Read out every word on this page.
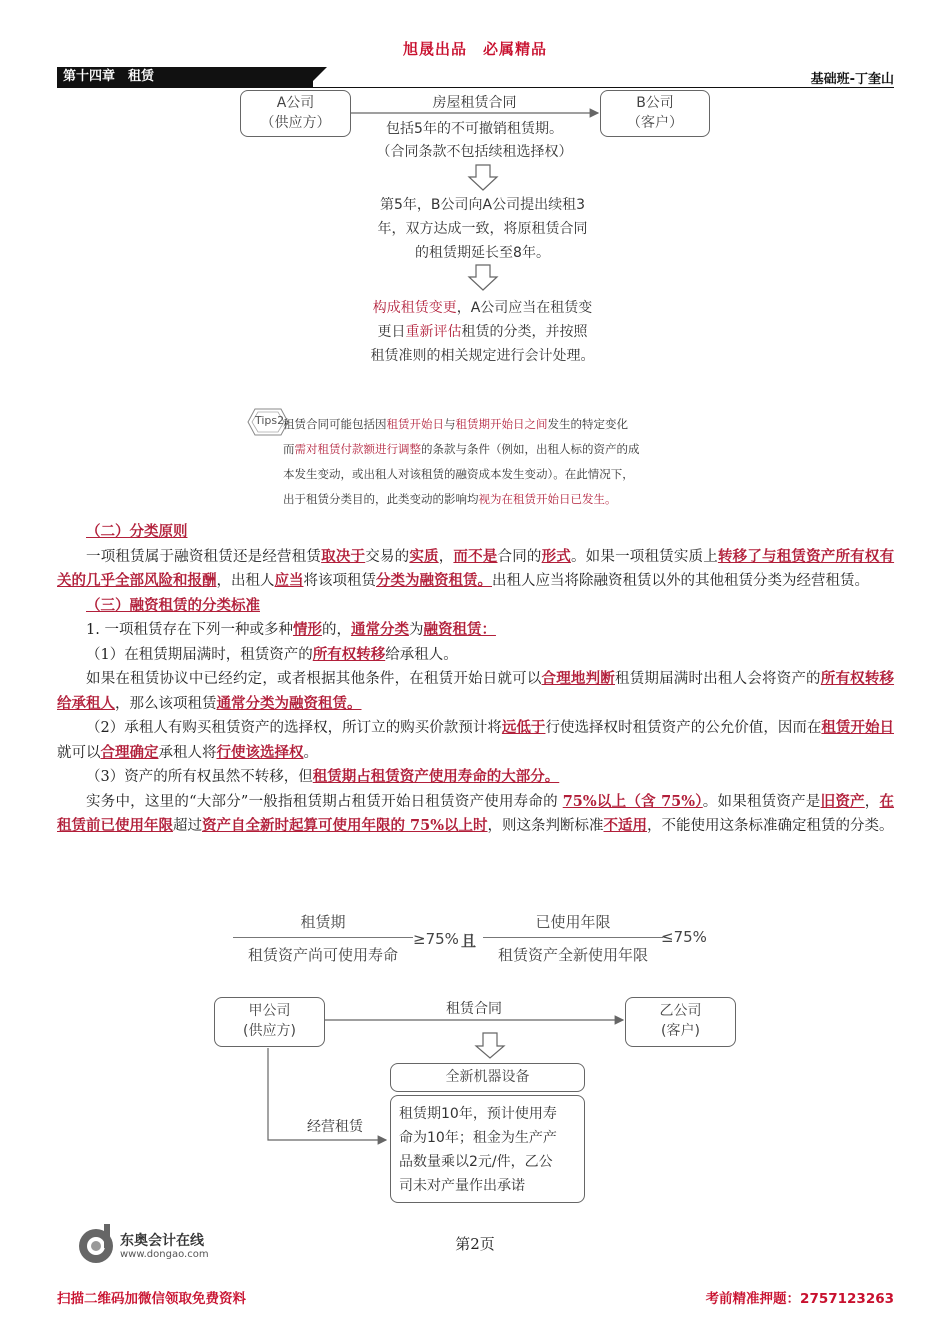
旭晟出品　必属精品
第十四章　租赁	基础班-丁奎山
A公司
（供应方）
B公司
（客户）
房屋租赁合同
包括5年的不可撤销租赁期。
（合同条款不包括续租选择权）
第5年，B公司向A公司提出续租3
年，双方达成一致，将原租赁合同
的租赁期延长至8年。
构成租赁变更，A公司应当在租赁变
更日重新评估租赁的分类，并按照
租赁准则的相关规定进行会计处理。
Tips2
租赁合同可能包括因租赁开始日与租赁期开始日之间发生的特定变化
而需对租赁付款额进行调整的条款与条件（例如，出租人标的资产的成
本发生变动，或出租人对该租赁的融资成本发生变动）。在此情况下，
出于租赁分类目的，此类变动的影响均视为在租赁开始日已发生。

（二）分类原则

一项租赁属于融资租赁还是经营租赁取决于交易的实质，而不是合同的形式。如果一项租赁实质上转移了与租赁资产所有权有关的几乎全部风险和报酬，出租人应当将该项租赁分类为融资租赁。出租人应当将除融资租赁以外的其他租赁分类为经营租赁。

（三）融资租赁的分类标准

1. 一项租赁存在下列一种或多种情形的，通常分类为融资租赁：

（1）在租赁期届满时，租赁资产的所有权转移给承租人。

如果在租赁协议中已经约定，或者根据其他条件，在租赁开始日就可以合理地判断租赁期届满时出租人会将资产的所有权转移给承租人，那么该项租赁通常分类为融资租赁。

（2）承租人有购买租赁资产的选择权，所订立的购买价款预计将远低于行使选择权时租赁资产的公允价值，因而在租赁开始日就可以合理确定承租人将行使该选择权。

（3）资产的所有权虽然不转移，但租赁期占租赁资产使用寿命的大部分。

实务中，这里的“大部分”一般指租赁期占租赁开始日租赁资产使用寿命的 75%以上（含 75%）。如果租赁资产是旧资产，在租赁前已使用年限超过资产自全新时起算可使用年限的 75%以上时，则这条判断标准不适用，不能使用这条标准确定租赁的分类。

租赁期
租赁资产尚可使用寿命
≥75% 且
已使用年限
租赁资产全新使用年限
≤75%
甲公司
(供应方)
乙公司
(客户)
租赁合同
全新机器设备
经营租赁
租赁期10年，预计使用寿
命为10年；租金为生产产
品数量乘以2元/件，乙公
司未对产量作出承诺
东奥会计在线
www.dongao.com
第2页
扫描二维码加微信领取免费资料	考前精准押题：2757123263
